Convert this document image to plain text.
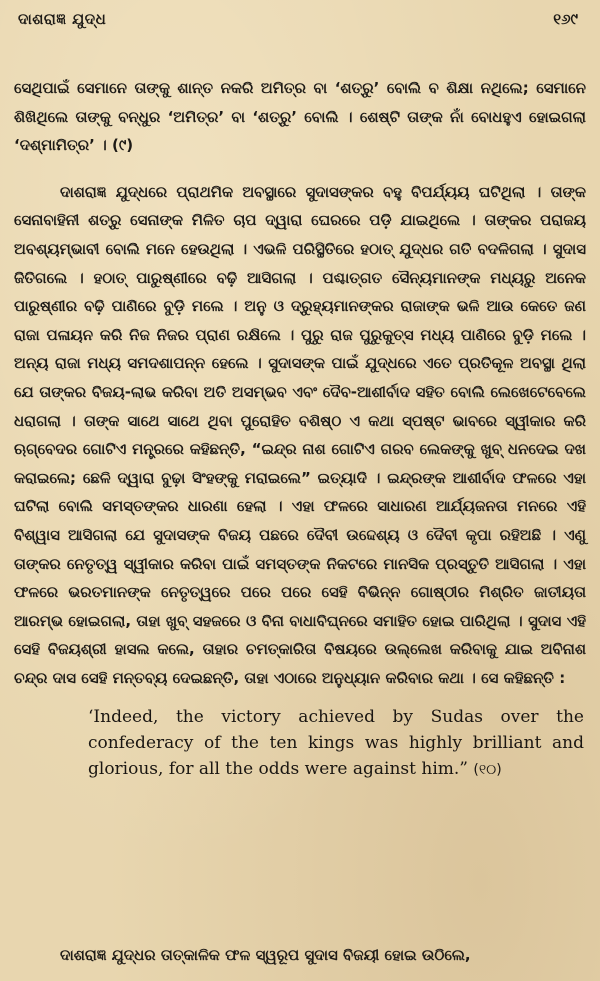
ଦାଶରାଜ୍ଞ ଯୁଦ୍ଧ	୧୬୯

ସେଥିପାଇଁ ସେମାନେ ତାଙ୍କୁ ଶାନ୍ତ ନକରି ଅମିତ୍ର ବା ‘ଶତ୍ରୁ’ ବୋଲି ବ ଶିକ୍ଷା ନଥିଲେ; ସେମାନେ ଶିଖିଥିଲେ ତାଙ୍କୁ ବନ୍ଧୁର ‘ଅମିତ୍ର’ ବା ‘ଶତ୍ରୁ’ ବୋଲି । ଶେଷ୍ଟି ତାଙ୍କ ନାଁ ବୋଧହୁଏ ହୋଇଗଲା ‘ଦଶ୍ମାମିତ୍ର’ । (୯)

ଦାଶରାଜ୍ଞ ଯୁଦ୍ଧରେ ପ୍ରାଥମିକ ଅବସ୍ଥାରେ ସୁଦାସଙ୍କର ବହୁ ବିପର୍ଯ୍ୟୟ ଘଟିଥିଲା । ତାଙ୍କ ସେନାବାହିନୀ ଶତ୍ରୁ ସେନାଙ୍କ ମିଳିତ ଚାପ ଦ୍ୱାରା ଘେରରେ ପଡ଼ି ଯାଇଥିଲେ । ତାଙ୍କର ପରାଜୟ ଅବଶ୍ୟମ୍ଭାବୀ ବୋଲି ମନେ ହେଉଥିଲା । ଏଭଳି ପରିସ୍ଥିତିରେ ହଠାତ୍ ଯୁଦ୍ଧର ଗତି ବଦଳିଗଲା । ସୁଦାସ ଜିତିଗଲେ । ହଠାତ୍ ପାରୁଷ୍ଣୀରେ ବଢ଼ି ଆସିଗଲା । ପଶ୍ଚାତ୍ଗତ ସୈନ୍ୟମାନଙ୍କ ମଧ୍ୟରୁ ଅନେକ ପାରୁଷ୍ଣୀର ବଢ଼ି ପାଣିରେ ବୁଡ଼ି ମଲେ । ଅନୁ ଓ ଦ୍ରୁହ୍ୟମାନଙ୍କର ରାଜାଙ୍କ ଭଳି ଆଉ କେତେ ଜଣ ରାଜା ପଳାୟନ କରି ନିଜ ନିଜର ପ୍ରାଣ ରକ୍ଷିଲେ । ପୁରୁ ରାଜ ପୁରୁକୁତ୍ସ ମଧ୍ୟ ପାଣିରେ ବୁଡ଼ି ମଲେ । ଅନ୍ୟ ରାଜା ମଧ୍ୟ ସମଦଶାପନ୍ନ ହେଲେ । ସୁଦାସଙ୍କ ପାଇଁ ଯୁଦ୍ଧରେ ଏତେ ପ୍ରତିକୂଳ ଅବସ୍ଥା ଥିଲା ଯେ ତାଙ୍କର ବିଜୟ-ଲାଭ କରିବା ଅତି ଅସମ୍ଭବ ଏବଂ ଦୈବ-ଆଶୀର୍ବାଦ ସହିତ ବୋଲି ଲେଖେଟେବେଲେ ଧରାଗଲା । ତାଙ୍କ ସାଥେ ସାଥେ ଥିବା ପୁରୋହିତ ବଶିଷ୍ଠ ଏ କଥା ସ୍ପଷ୍ଟ ଭାବରେ ସ୍ୱୀକାର କରି ଋଗ୍‌ବେଦର ଗୋଟିଏ ମନ୍ତ୍ରରେ କହିଛନ୍ତି, “ଇନ୍ଦ୍ର ନାଶ ଗୋଟିଏ ଗରବ ଲେକଙ୍କୁ ଖୁବ୍ ଧନଦେଇ ଦଖ କରାଇଲେ; ଛେଳି ଦ୍ୱାରା ବୁଢ଼ା ସିଂହଙ୍କୁ ମରାଇଲେ” ଇତ୍ୟାଦି । ଇନ୍ଦ୍ରଙ୍କ ଆଶୀର୍ବାଦ ଫଳରେ ଏହା ଘଟିଲା ବୋଲି ସମସ୍ତଙ୍କର ଧାରଣା ହେଲା । ଏହା ଫଳରେ ସାଧାରଣ ଆର୍ଯ୍ୟଜନତା ମନରେ ଏହି ବିଶ୍ୱାସ ଆସିଗଲା ଯେ ସୁଦାସଙ୍କ ବିଜୟ ପଛରେ ଦୈବୀ ଉଦ୍ଦେଶ୍ୟ ଓ ଦୈବୀ କୃପା ରହିଅଛି । ଏଣୁ ତାଙ୍କର ନେତୃତ୍ୱ ସ୍ୱୀକାର କରିବା ପାଇଁ ସମସ୍ତଙ୍କ ନିକଟରେ ମାନସିକ ପ୍ରସ୍ତୁତି ଆସିଗଲା । ଏହା ଫଳରେ ଭରତମାନଙ୍କ ନେତୃତ୍ୱରେ ପରେ ପରେ ସେହି ବିଭିନ୍ନ ଗୋଷ୍ଠୀର ମିଶ୍ରିତ ଜାତୀୟତା ଆରମ୍ଭ ହୋଇଗଲା, ତାହା ଖୁବ୍ ସହଜରେ ଓ ବିନା ବାଧାବିଘ୍ନରେ ସମାହିତ ହୋଇ ପାରିଥିଲା । ସୁଦାସ ଏହି ସେହି ବିଜୟଶ୍ରୀ ହାସଲ କଲେ, ତାହାର ଚମତ୍କାରିତା ବିଷୟରେ ଉଲ୍ଲେଖ କରିବାକୁ ଯାଇ ଅବିନାଶ ଚନ୍ଦ୍ର ଦାସ ସେହି ମନ୍ତବ୍ୟ ଦେଇଛନ୍ତି, ତାହା ଏଠାରେ ଅନୁଧ୍ୟାନ କରିବାର କଥା । ସେ କହିଛନ୍ତି :

‘Indeed, the victory achieved by Sudas over the confederacy of the ten kings was highly brilliant and glorious, for all the odds were against him.” (୧୦)

ଦାଶରାଜ୍ଞ ଯୁଦ୍ଧର ତାତ୍‌କାଳିକ ଫଳ ସ୍ୱରୂପ ସୁଦାସ ବିଜୟୀ ହୋଇ ଉଠିଲେ,
